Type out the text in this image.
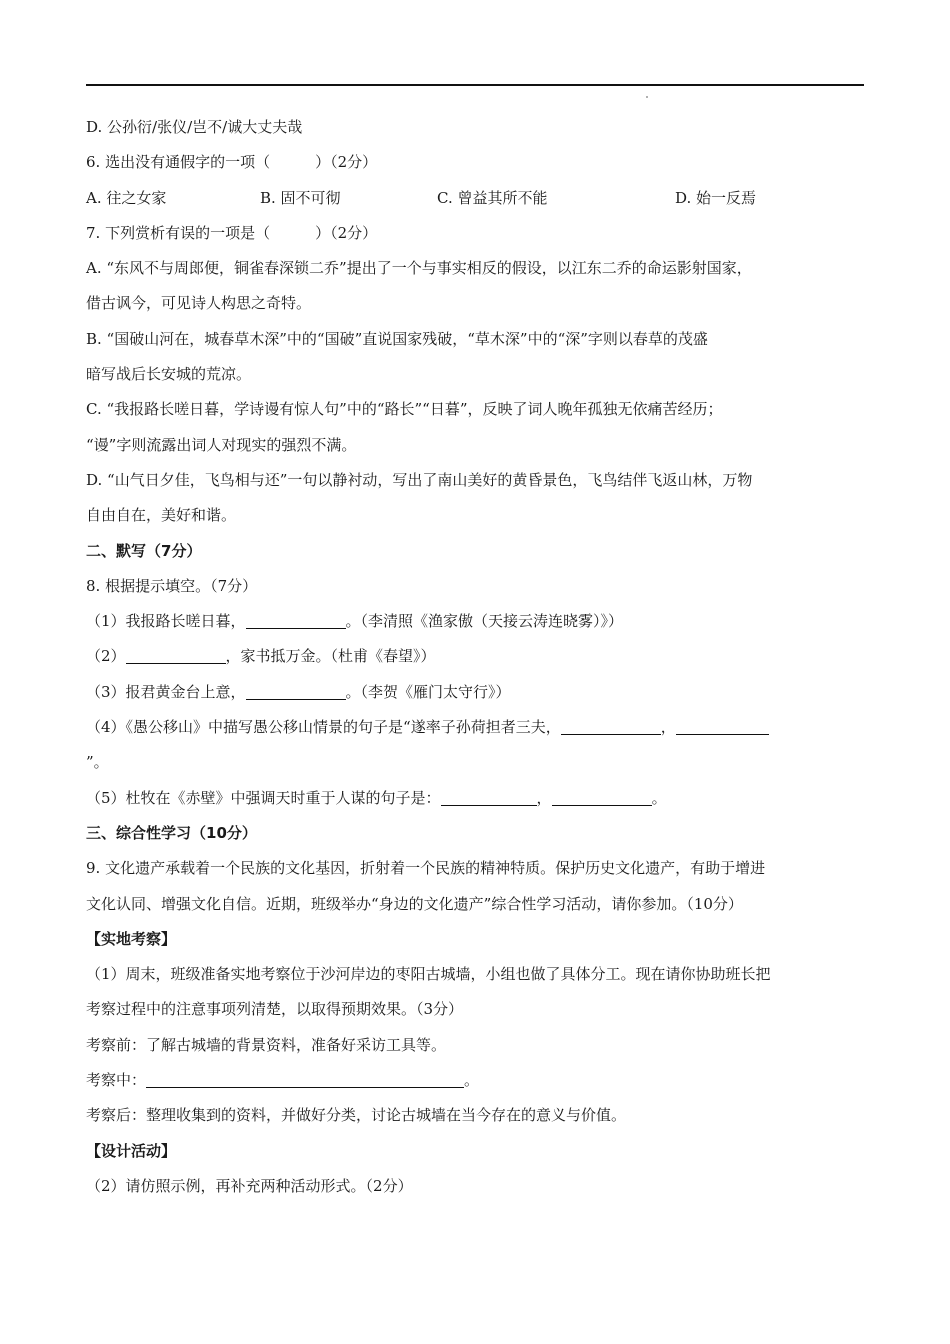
D. 公孙衍/张仪/岂不/诚大丈夫哉
6. 选出没有通假字的一项（　　　）（2分）
A. 往之女家	B. 固不可彻	C. 曾益其所不能	D. 始一反焉
7. 下列赏析有误的一项是（　　　）（2分）
A. “东风不与周郎便，铜雀春深锁二乔”提出了一个与事实相反的假设，以江东二乔的命运影射国家，
借古讽今，可见诗人构思之奇特。
B. “国破山河在，城春草木深”中的“国破”直说国家残破，“草木深”中的“深”字则以春草的茂盛
暗写战后长安城的荒凉。
C. “我报路长嗟日暮，学诗谩有惊人句”中的“路长”“日暮”，反映了词人晚年孤独无依痛苦经历；
“谩”字则流露出词人对现实的强烈不满。
D. “山气日夕佳，飞鸟相与还”一句以静衬动，写出了南山美好的黄昏景色，飞鸟结伴飞返山林，万物
自由自在，美好和谐。
二、默写（7分）
8. 根据提示填空。（7分）
（1）我报路长嗟日暮，	。（李清照《渔家傲（天接云涛连晓雾）》）
（2）	，家书抵万金。（杜甫《春望》）
（3）报君黄金台上意，	。（李贺《雁门太守行》）
（4）《愚公移山》中描写愚公移山情景的句子是“遂率子孙荷担者三夫，	，
”。
（5）杜牧在《赤壁》中强调天时重于人谋的句子是：	，	。
三、综合性学习（10分）
9. 文化遗产承载着一个民族的文化基因，折射着一个民族的精神特质。保护历史文化遗产，有助于增进
文化认同、增强文化自信。近期，班级举办“身边的文化遗产”综合性学习活动，请你参加。（10分）
【实地考察】
（1）周末，班级准备实地考察位于沙河岸边的枣阳古城墙，小组也做了具体分工。现在请你协助班长把
考察过程中的注意事项列清楚，以取得预期效果。（3分）
考察前：了解古城墙的背景资料，准备好采访工具等。
考察中：	。
考察后：整理收集到的资料，并做好分类，讨论古城墙在当今存在的意义与价值。
【设计活动】
（2）请仿照示例，再补充两种活动形式。（2分）
